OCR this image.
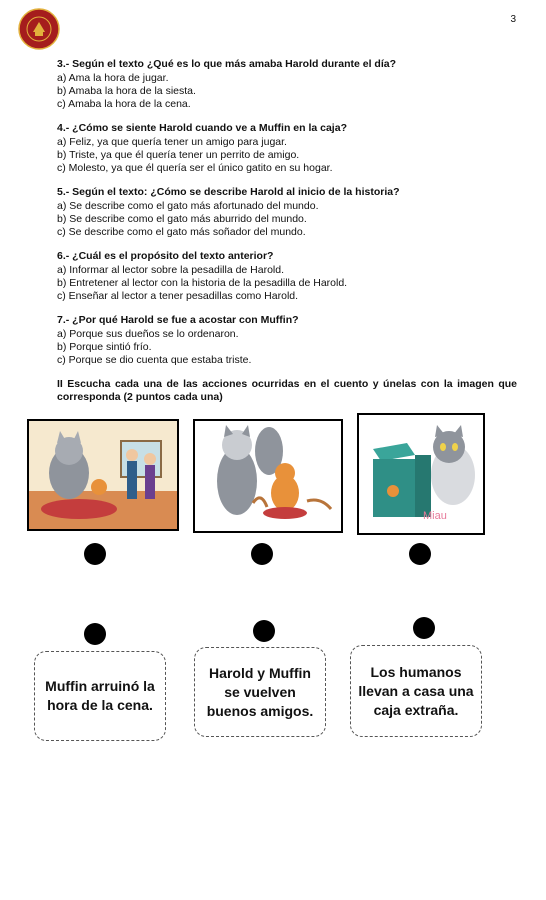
3

3.- Según el texto ¿Qué es lo que más amaba Harold durante el día?

a) Ama la hora de jugar.

b) Amaba la hora de la siesta.

c) Amaba la hora de la cena.

4.- ¿Cómo se siente Harold cuando ve a Muffin en la caja?

a) Feliz, ya que quería tener un amigo para jugar.

b) Triste, ya que él quería tener un perrito de amigo.

c) Molesto, ya que él quería ser el único gatito en su hogar.

5.- Según el texto: ¿Cómo se describe Harold al inicio de la historia?

a) Se describe como el gato más afortunado del mundo.

b) Se describe como el gato más aburrido del mundo.

c) Se describe como el gato más soñador del mundo.

6.- ¿Cuál es el propósito del texto anterior?

a) Informar al lector sobre la pesadilla de Harold.

b) Entretener al lector con la historia de la pesadilla de Harold.

c) Enseñar al lector a tener pesadillas como Harold.

7.- ¿Por qué Harold se fue a acostar con Muffin?

a) Porque sus dueños se lo ordenaron.

b) Porque sintió frío.

c) Porque se dio cuenta que estaba triste.

II Escucha cada una de las acciones ocurridas en el cuento y únelas con la imagen que corresponda (2 puntos cada una)

Miau
Muffin arruinó la hora de la cena.
Harold y Muffin se vuelven buenos amigos.
Los humanos llevan a casa una caja extraña.
